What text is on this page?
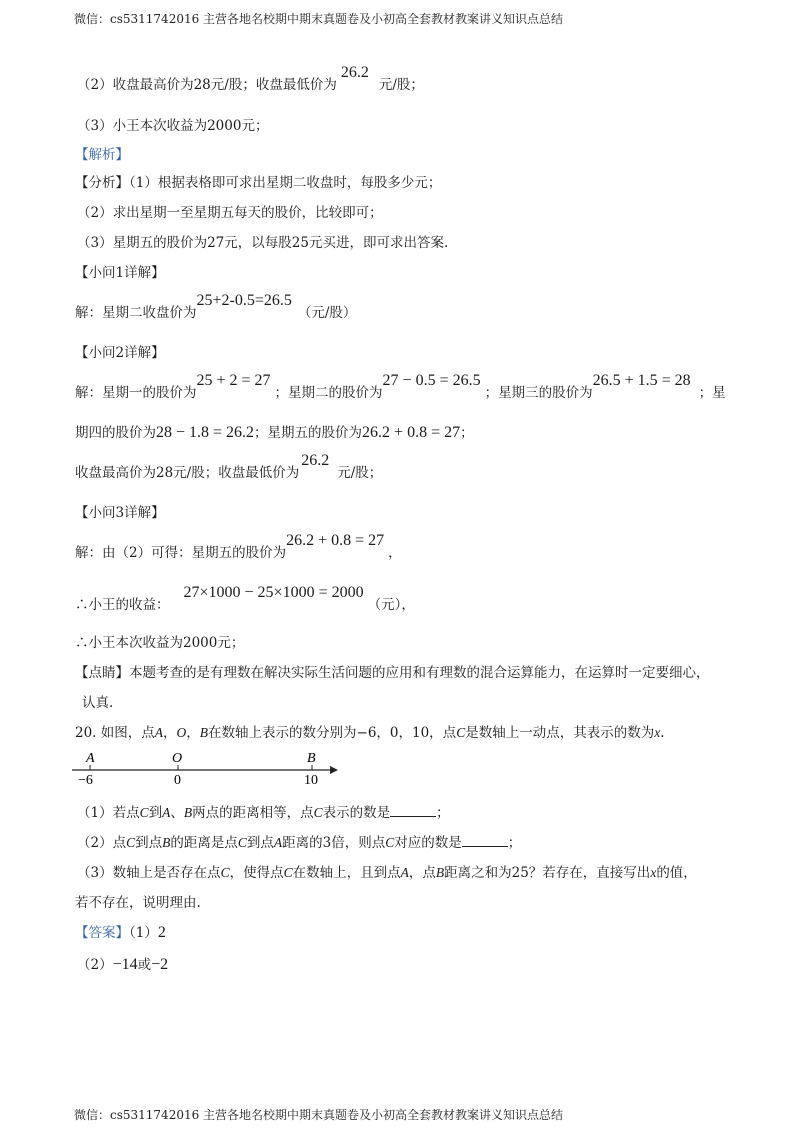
微信：cs5311742016 主营各地名校期中期末真题卷及小初高全套教材教案讲义知识点总结
（2）收盘最高价为28元/股；收盘最低价为26.2元/股；
（3）小王本次收益为2000元；
【解析】
【分析】（1）根据表格即可求出星期二收盘时，每股多少元；
（2）求出星期一至星期五每天的股价，比较即可；
（3）星期五的股价为27元，以每股25元买进，即可求出答案.
【小问1详解】
解：星期二收盘价为25+2-0.5=26.5（元/股）
【小问2详解】
解：星期一的股价为25 + 2 = 27；星期二的股价为27 − 0.5 = 26.5；星期三的股价为26.5 + 1.5 = 28；星
期四的股价为28 − 1.8 = 26.2；星期五的股价为26.2 + 0.8 = 27；
收盘最高价为28元/股；收盘最低价为26.2元/股；
【小问3详解】
解：由（2）可得：星期五的股价为26.2 + 0.8 = 27，
∴小王的收益：27×1000 − 25×1000 = 2000（元），
∴小王本次收益为2000元；
【点睛】本题考查的是有理数在解决实际生活问题的应用和有理数的混合运算能力，在运算时一定要细心，
认真.
20. 如图，点A，O，B在数轴上表示的数分别为−6，0，10，点C是数轴上一动点，其表示的数为x.
A	O	B
−6	0	10
（1）若点C到A、B两点的距离相等，点C表示的数是	；
（2）点C到点B的距离是点C到点A距离的3倍，则点C对应的数是	；
（3）数轴上是否存在点C，使得点C在数轴上，且到点A，点B距离之和为25？若存在，直接写出x的值，
若不存在，说明理由.
【答案】（1）2
（2）−14或−2
微信：cs5311742016 主营各地名校期中期末真题卷及小初高全套教材教案讲义知识点总结
